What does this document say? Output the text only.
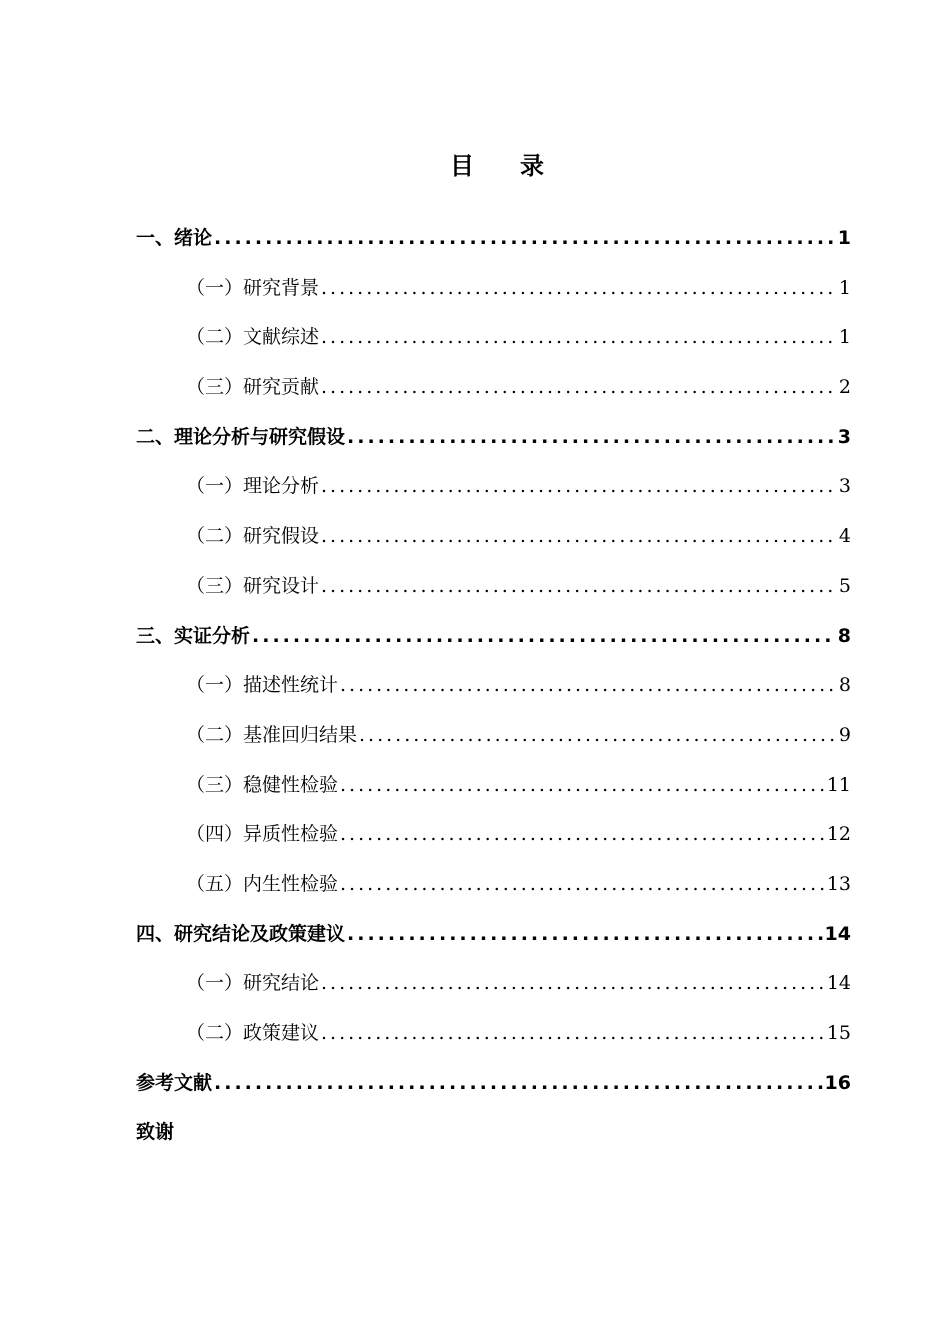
目录
一、绪论 .....	1
（一）研究背景 .....	1
（二）文献综述 .....	1
（三）研究贡献 .....	2
二、理论分析与研究假设 .....	3
（一）理论分析 .....	3
（二）研究假设 .....	4
（三）研究设计 .....	5
三、实证分析 .....	8
（一）描述性统计 .....	8
（二）基准回归结果 .....	9
（三）稳健性检验 .....	11
（四）异质性检验 .....	12
（五）内生性检验 .....	13
四、研究结论及政策建议 .....	14
（一）研究结论 .....	14
（二）政策建议 .....	15
参考文献 .....	16
致谢
